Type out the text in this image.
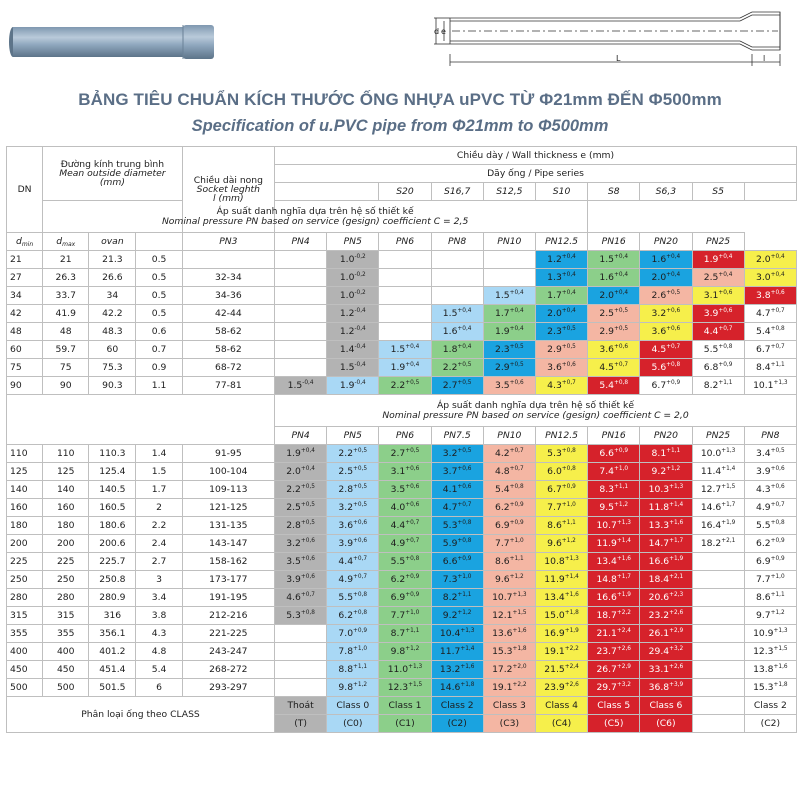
d e
L	l
BẢNG TIÊU CHUẨN KÍCH THƯỚC ỐNG NHỰA uPVC TỪ Φ21mm ĐẾN Φ500mm
Specification of u.PVC pipe from Φ21mm to Φ500mm
DN	Đường kính trung bình
Mean outside diameter
(mm)			Chiều dài nong
Socket leghth
l (mm)	Chiều dày / Wall thickness e (mm)									
					Dãy ống / Pipe series									
							S20	S16,7	S12,5	S10	S8	S6,3	S5	
	Áp suất danh nghĩa dựa trên hệ số thiết kế
Nominal pressure PN based on service (gesign) coefficient C = 2,5													
$d_{min}$	$d_{max}$	ovan		PN3	PN4	PN5	PN6	PN8	PN10	PN12.5	PN16	PN20	PN25	
21	21	21.3	0.5			$1.0^{-0,2}$				$1.2^{+0,4}$	$1.5^{+0,4}$	$1.6^{+0,4}$	$1.9^{+0,4}$	$2.0^{+0,4}$
27	26.3	26.6	0.5	32-34		$1.0^{-0,2}$				$1.3^{+0,4}$	$1.6^{+0,4}$	$2.0^{+0,4}$	$2.5^{+0,4}$	$3.0^{+0,4}$
34	33.7	34	0.5	34-36		$1.0^{-0,2}$			$1.5^{+0,4}$	$1.7^{+0,4}$	$2.0^{+0,4}$	$2.6^{+0,5}$	$3.1^{+0,6}$	$3.8^{+0,6}$
42	41.9	42.2	0.5	42-44		$1.2^{-0,4}$		$1.5^{+0,4}$	$1.7^{+0,4}$	$2.0^{+0,4}$	$2.5^{+0,5}$	$3.2^{+0,6}$	$3.9^{+0,6}$	$4.7^{+0,7}$
48	48	48.3	0.6	58-62		$1.2^{-0,4}$		$1.6^{+0,4}$	$1.9^{+0,4}$	$2.3^{+0,5}$	$2.9^{+0,5}$	$3.6^{+0,6}$	$4.4^{+0,7}$	$5.4^{+0,8}$
60	59.7	60	0.7	58-62		$1.4^{-0,4}$	$1.5^{+0,4}$	$1.8^{+0,4}$	$2.3^{+0,5}$	$2.9^{+0,5}$	$3.6^{+0,6}$	$4.5^{+0,7}$	$5.5^{+0,8}$	$6.7^{+0,7}$
75	75	75.3	0.9	68-72		$1.5^{-0,4}$	$1.9^{+0,4}$	$2.2^{+0,5}$	$2.9^{+0,5}$	$3.6^{+0,6}$	$4.5^{+0,7}$	$5.6^{+0,8}$	$6.8^{+0,9}$	$8.4^{+1,1}$
90	90	90.3	1.1	77-81	$1.5^{-0,4}$	$1.9^{-0,4}$	$2.2^{+0,5}$	$2.7^{+0,5}$	$3.5^{+0,6}$	$4.3^{+0,7}$	$5.4^{+0,8}$	$6.7^{+0,9}$	$8.2^{+1,1}$	$10.1^{+1,3}$
					Áp suất danh nghĩa dựa trên hệ số thiết kế
Nominal pressure PN based on service (gesign) coefficient C = 2,0									
					PN4	PN5	PN6	PN7.5	PN10	PN12.5	PN16	PN20	PN25	PN8
110	110	110.3	1.4	91-95	$1.9^{+0,4}$	$2.2^{+0,5}$	$2.7^{+0,5}$	$3.2^{+0,5}$	$4.2^{+0,7}$	$5.3^{+0,8}$	$6.6^{+0,9}$	$8.1^{+1,1}$	$10.0^{+1,3}$	$3.4^{+0,5}$
125	125	125.4	1.5	100-104	$2.0^{+0,4}$	$2.5^{+0,5}$	$3.1^{+0,6}$	$3.7^{+0,6}$	$4.8^{+0,7}$	$6.0^{+0,8}$	$7.4^{+1,0}$	$9.2^{+1,2}$	$11.4^{+1,4}$	$3.9^{+0,6}$
140	140	140.5	1.7	109-113	$2.2^{+0,5}$	$2.8^{+0,5}$	$3.5^{+0,6}$	$4.1^{+0,6}$	$5.4^{+0,8}$	$6.7^{+0,9}$	$8.3^{+1,1}$	$10.3^{+1,3}$	$12.7^{+1,5}$	$4.3^{+0,6}$
160	160	160.5	2	121-125	$2.5^{+0,5}$	$3.2^{+0,5}$	$4.0^{+0,6}$	$4.7^{+0,7}$	$6.2^{+0,9}$	$7.7^{+1,0}$	$9.5^{+1,2}$	$11.8^{+1,4}$	$14.6^{+1,7}$	$4.9^{+0,7}$
180	180	180.6	2.2	131-135	$2.8^{+0,5}$	$3.6^{+0,6}$	$4.4^{+0,7}$	$5.3^{+0,8}$	$6.9^{+0,9}$	$8.6^{+1,1}$	$10.7^{+1,3}$	$13.3^{+1,6}$	$16.4^{+1,9}$	$5.5^{+0,8}$
200	200	200.6	2.4	143-147	$3.2^{+0,6}$	$3.9^{+0,6}$	$4.9^{+0,7}$	$5.9^{+0,8}$	$7.7^{+1,0}$	$9.6^{+1,2}$	$11.9^{+1,4}$	$14.7^{+1,7}$	$18.2^{+2,1}$	$6.2^{+0,9}$
225	225	225.7	2.7	158-162	$3.5^{+0,6}$	$4.4^{+0,7}$	$5.5^{+0,8}$	$6.6^{+0,9}$	$8.6^{+1,1}$	$10.8^{+1,3}$	$13.4^{+1,6}$	$16.6^{+1,9}$		$6.9^{+0,9}$
250	250	250.8	3	173-177	$3.9^{+0,6}$	$4.9^{+0,7}$	$6.2^{+0,9}$	$7.3^{+1,0}$	$9.6^{+1,2}$	$11.9^{+1,4}$	$14.8^{+1,7}$	$18.4^{+2,1}$		$7.7^{+1,0}$
280	280	280.9	3.4	191-195	$4.6^{+0,7}$	$5.5^{+0,8}$	$6.9^{+0,9}$	$8.2^{+1,1}$	$10.7^{+1,3}$	$13.4^{+1,6}$	$16.6^{+1,9}$	$20.6^{+2,3}$		$8.6^{+1,1}$
315	315	316	3.8	212-216	$5.3^{+0,8}$	$6.2^{+0,8}$	$7.7^{+1,0}$	$9.2^{+1,2}$	$12.1^{+1,5}$	$15.0^{+1,8}$	$18.7^{+2,2}$	$23.2^{+2,6}$		$9.7^{+1,2}$
355	355	356.1	4.3	221-225		$7.0^{+0,9}$	$8.7^{+1,1}$	$10.4^{+1,3}$	$13.6^{+1,6}$	$16.9^{+1,9}$	$21.1^{+2,4}$	$26.1^{+2,9}$		$10.9^{+1,3}$
400	400	401.2	4.8	243-247		$7.8^{+1,0}$	$9.8^{+1,2}$	$11.7^{+1,4}$	$15.3^{+1,8}$	$19.1^{+2,2}$	$23.7^{+2,6}$	$29.4^{+3,2}$		$12.3^{+1,5}$
450	450	451.4	5.4	268-272		$8.8^{+1,1}$	$11.0^{+1,3}$	$13.2^{+1,6}$	$17.2^{+2,0}$	$21.5^{+2,4}$	$26.7^{+2,9}$	$33.1^{+2,6}$		$13.8^{+1,6}$
500	500	501.5	6	293-297		$9.8^{+1,2}$	$12.3^{+1,5}$	$14.6^{+1,8}$	$19.1^{+2,2}$	$23.9^{+2,6}$	$29.7^{+3,2}$	$36.8^{+3,9}$		$15.3^{+1,8}$
Phân loại ống theo CLASS					Thoát	Class 0	Class 1	Class 2	Class 3	Class 4	Class 5	Class 6		Class 2
					(T)	(C0)	(C1)	(C2)	(C3)	(C4)	(C5)	(C6)		(C2)
